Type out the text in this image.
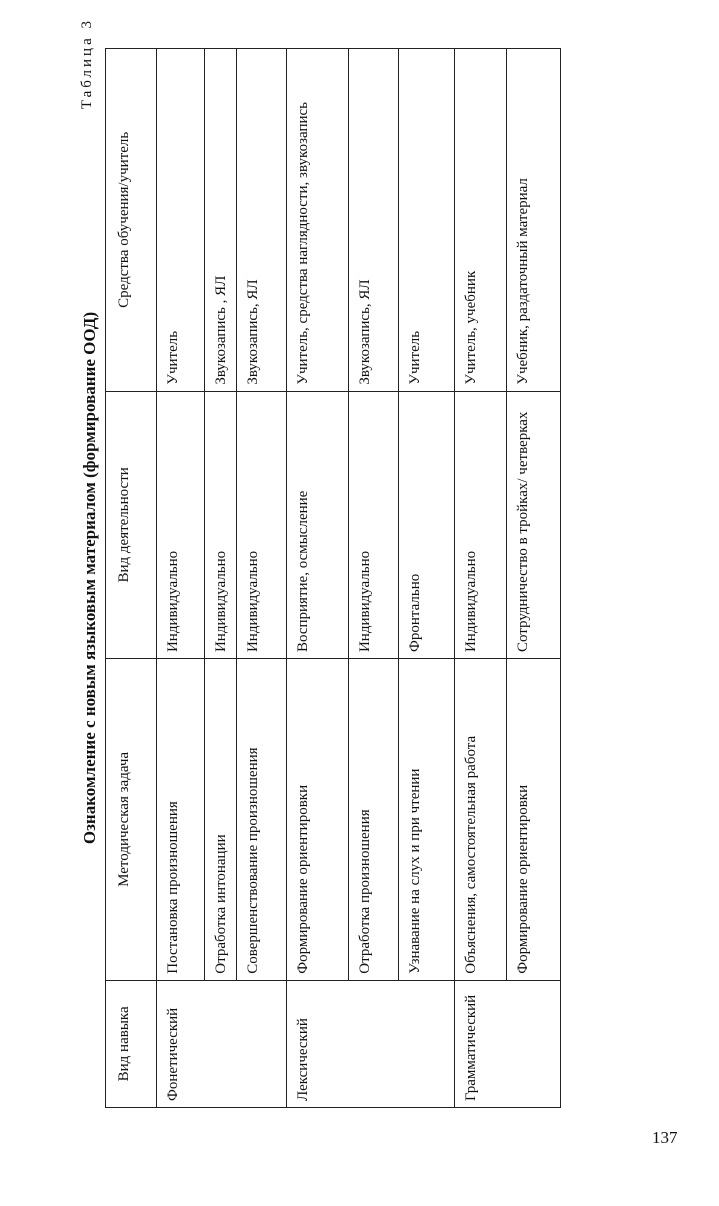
Ознакомление с новым языковым материалом (формирование ООД)
Таблица 3
Вид навыка	Методическая задача	Вид деятельности	Средства обучения/учитель
Фонетический	Постановка произношения	Индивидуально	Учитель
	Отработка интонации	Индивидуально	Звукозапись , ЯЛ
	Совершенствование произношения	Индивидуально	Звукозапись, ЯЛ
Лексический	Формирование ориентировки	Восприятие, осмысление	Учитель, средства наглядности, звукозапись
	Отработка произношения	Индивидуально	Звукозапись, ЯЛ
	Узнавание на слух и при чтении	Фронтально	Учитель
Грамматический	Объяснения, самостоятельная работа	Индивидуально	Учитель, учебник
	Формирование ориентировки	Сотрудничество в тройках/ четверках	Учебник, раздаточный материал
137
